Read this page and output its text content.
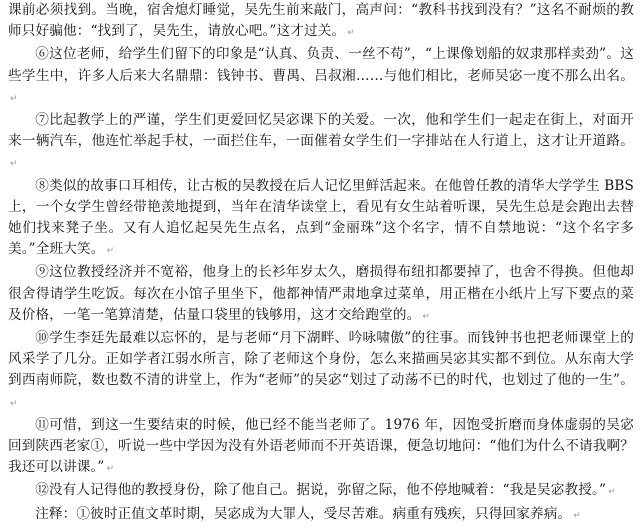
课前必须找到。当晚，宿舍熄灯睡觉，吴先生前来敲门，高声问：“教科书找到没有？”这名不耐烦的教师只好骗他：“找到了，吴先生，请放心吧。”这才过关。 ↵

⑥这位老师，给学生们留下的印象是“认真、负责、一丝不苟”，“上课像划船的奴隶那样卖劲”。这些学生中，许多人后来大名鼎鼎：钱钟书、曹禺、吕叔湘……与他们相比，老师吴宓一度不那么出名。↵

⑦比起教学上的严谨，学生们更爱回忆吴宓课下的关爱。一次，他和学生们一起走在街上，对面开来一辆汽车，他连忙举起手杖，一面拦住车，一面催着女学生们一字排站在人行道上，这才让开道路。↵

⑧类似的故事口耳相传，让古板的吴教授在后人记忆里鲜活起来。在他曾任教的清华大学学生 BBS 上，一个女学生曾经带艳羡地提到，当年在清华读堂上，看见有女生站着听课，吴先生总是会跑出去替她们找来凳子坐。又有人追忆起吴先生点名，点到“金丽珠”这个名字，情不自禁地说：“这个名字多美。”全班大笑。 ↵

⑨这位教授经济并不宽裕，他身上的长衫年岁太久，磨损得布纽扣都要掉了，也舍不得换。但他却很舍得请学生吃饭。每次在小馆子里坐下，他都神情严肃地拿过菜单，用正楷在小纸片上写下要点的菜及价格，一笔一笔算清楚，估量口袋里的钱够用，这才交给跑堂的。 ↵

⑩学生李廷先最难以忘怀的，是与老师“月下湖畔、吟咏啸傲”的往事。而钱钟书也把老师课堂上的风采学了几分。正如学者江弱水所言，除了老师这个身份，怎么来描画吴宓其实都不到位。从东南大学到西南师院，数也数不清的讲堂上，作为“老师”的吴宓“划过了动荡不已的时代，也划过了他的一生”。↵

⑪可惜，到这一生要结束的时候，他已经不能当老师了。1976 年，因饱受折磨而身体虚弱的吴宓回到陕西老家①，听说一些中学因为没有外语老师而不开英语课，便急切地问：“他们为什么不请我啊？我还可以讲课。” ↵

⑫没有人记得他的教授身份，除了他自己。据说，弥留之际，他不停地喊着：“我是吴宓教授。” ↵

注释：①彼时正值文革时期，吴宓成为大罪人，受尽苦难。病重有残疾，只得回家养病。 ↵
